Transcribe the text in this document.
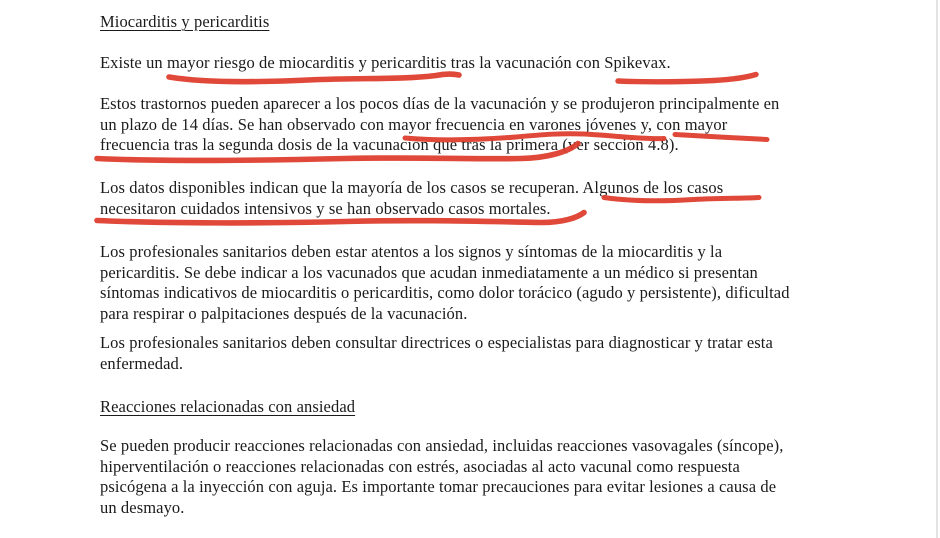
Miocarditis y pericarditis
Existe un mayor riesgo de miocarditis y pericarditis tras la vacunación con Spikevax.
Estos trastornos pueden aparecer a los pocos días de la vacunación y se produjeron principalmente en
un plazo de 14 días. Se han observado con mayor frecuencia en varones jóvenes y, con mayor
frecuencia tras la segunda dosis de la vacunación que tras la primera (ver sección 4.8).
Los datos disponibles indican que la mayoría de los casos se recuperan. Algunos de los casos
necesitaron cuidados intensivos y se han observado casos mortales.
Los profesionales sanitarios deben estar atentos a los signos y síntomas de la miocarditis y la
pericarditis. Se debe indicar a los vacunados que acudan inmediatamente a un médico si presentan
síntomas indicativos de miocarditis o pericarditis, como dolor torácico (agudo y persistente), dificultad
para respirar o palpitaciones después de la vacunación.
Los profesionales sanitarios deben consultar directrices o especialistas para diagnosticar y tratar esta
enfermedad.
Reacciones relacionadas con ansiedad
Se pueden producir reacciones relacionadas con ansiedad, incluidas reacciones vasovagales (síncope),
hiperventilación o reacciones relacionadas con estrés, asociadas al acto vacunal como respuesta
psicógena a la inyección con aguja. Es importante tomar precauciones para evitar lesiones a causa de
un desmayo.
